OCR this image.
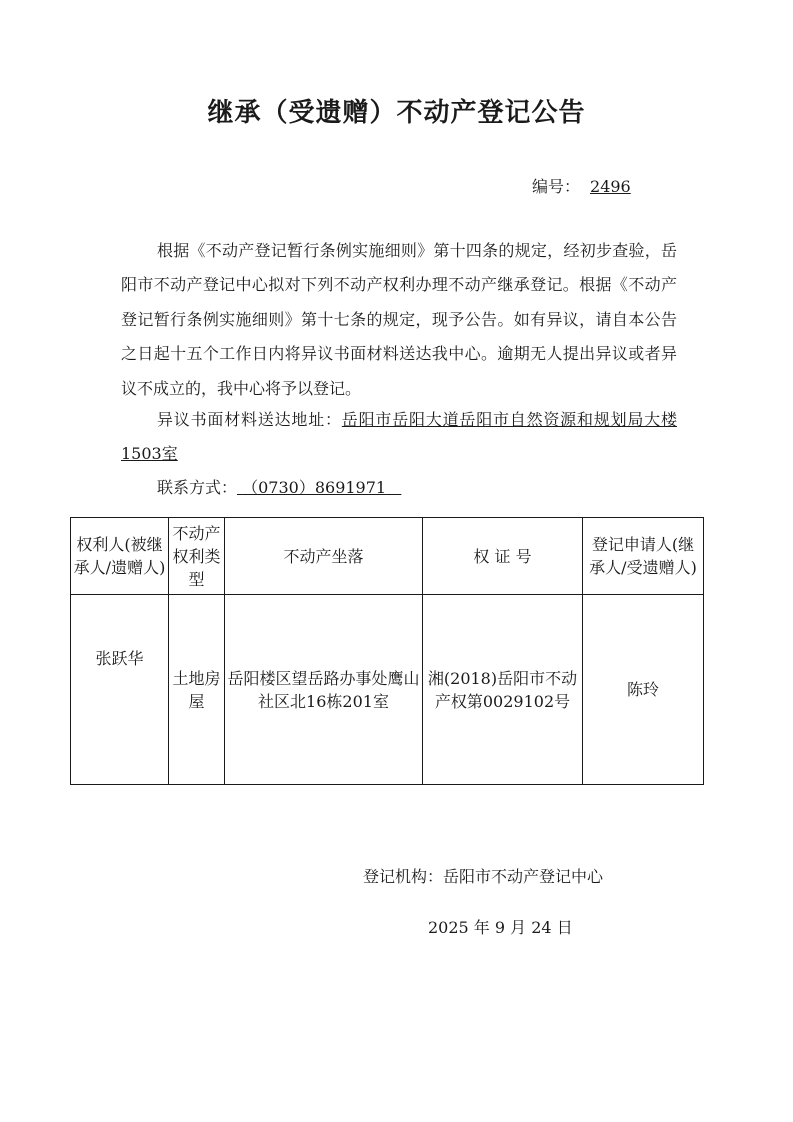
继承（受遗赠）不动产登记公告
编号： 2496
根据《不动产登记暂行条例实施细则》第十四条的规定，经初步查验，岳阳市不动产登记中心拟对下列不动产权利办理不动产继承登记。根据《不动产登记暂行条例实施细则》第十七条的规定，现予公告。如有异议，请自本公告之日起十五个工作日内将异议书面材料送达我中心。逾期无人提出异议或者异议不成立的，我中心将予以登记。
异议书面材料送达地址：岳阳市岳阳大道岳阳市自然资源和规划局大楼1503室
联系方式： （0730）8691971
权利人(被继承人/遗赠人)	不动产权利类型	不动产坐落	权 证 号	登记申请人(继承人/受遗赠人)
张跃华	土地房屋	岳阳楼区望岳路办事处鹰山社区北16栋201室	湘(2018)岳阳市不动产权第0029102号	陈玲
登记机构：岳阳市不动产登记中心
2025 年 9 月 24 日
